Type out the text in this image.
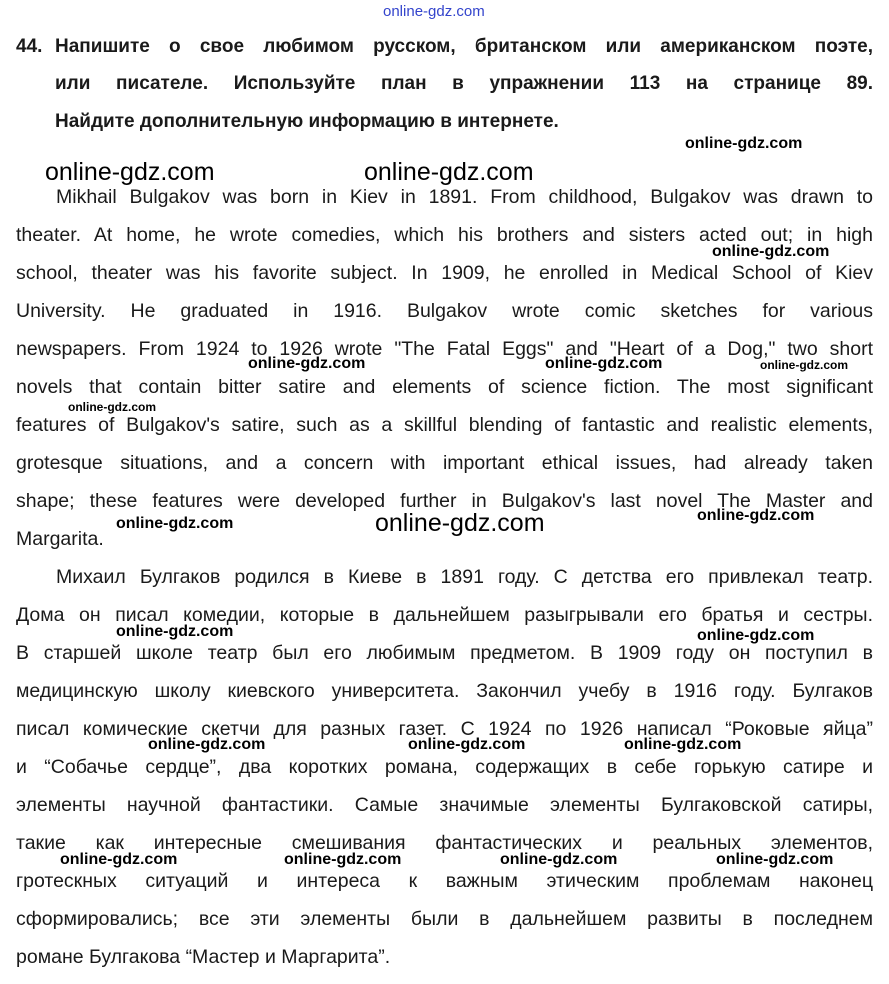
online-gdz.com
44. Напишите о свое любимом русском, британском или американском поэте,
или писателе. Используйте план в упражнении 113 на странице 89.
Найдите дополнительную информацию в интернете.
Mikhail Bulgakov was born in Kiev in 1891. From childhood, Bulgakov was drawn to
theater. At home, he wrote comedies, which his brothers and sisters acted out; in high
school, theater was his favorite subject. In 1909, he enrolled in Medical School of Kiev
University. He graduated in 1916. Bulgakov wrote comic sketches for various
newspapers. From 1924 to 1926 wrote "The Fatal Eggs" and "Heart of a Dog," two short
novels that contain bitter satire and elements of science fiction. The most significant
features of Bulgakov's satire, such as a skillful blending of fantastic and realistic elements,
grotesque situations, and a concern with important ethical issues, had already taken
shape; these features were developed further in Bulgakov's last novel The Master and
Margarita.
Михаил Булгаков родился в Киеве в 1891 году. С детства его привлекал театр.
Дома он писал комедии, которые в дальнейшем разыгрывали его братья и сестры.
В старшей школе театр был его любимым предметом. В 1909 году он поступил в
медицинскую школу киевского университета. Закончил учебу в 1916 году. Булгаков
писал комические скетчи для разных газет. С 1924 по 1926 написал “Роковые яйца”
и “Собачье сердце”, два коротких романа, содержащих в себе горькую сатире и
элементы научной фантастики. Самые значимые элементы Булгаковской сатиры,
такие как интересные смешивания фантастических и реальных элементов,
гротескных ситуаций и интереса к важным этическим проблемам наконец
сформировались; все эти элементы были в дальнейшем развиты в последнем
романе Булгакова “Мастер и Маргарита”.
online-gdz.com
online-gdz.com	online-gdz.com
online-gdz.com
online-gdz.com	online-gdz.com	online-gdz.com
online-gdz.com
online-gdz.com	online-gdz.com	online-gdz.com
online-gdz.com	online-gdz.com
online-gdz.com	online-gdz.com	online-gdz.com
online-gdz.com	online-gdz.com	online-gdz.com	online-gdz.com
